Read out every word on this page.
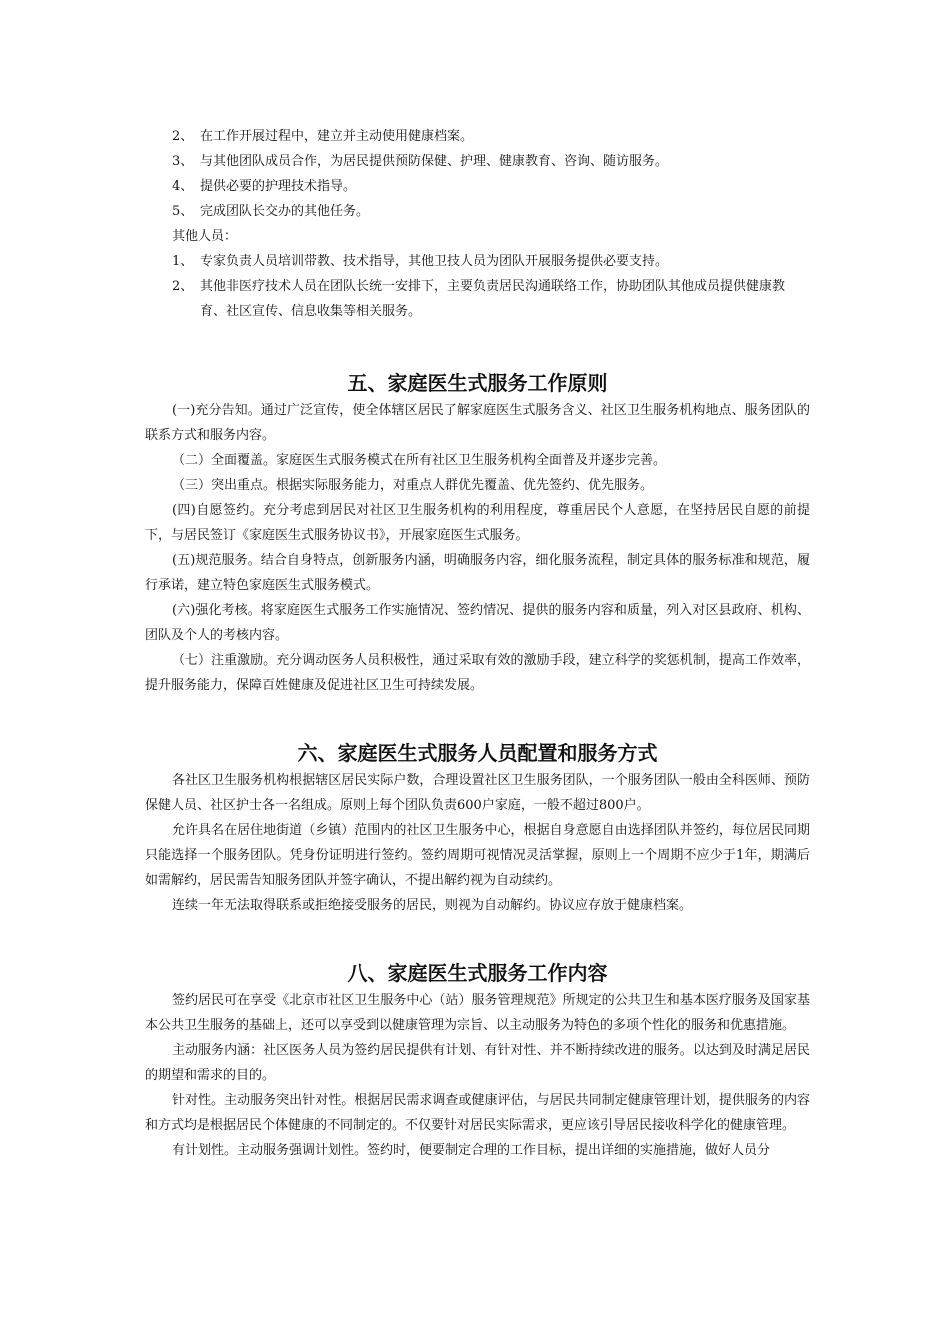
2、 在工作开展过程中，建立并主动使用健康档案。
3、 与其他团队成员合作，为居民提供预防保健、护理、健康教育、咨询、随访服务。
4、 提供必要的护理技术指导。
5、 完成团队长交办的其他任务。
其他人员：
1、 专家负责人员培训带教、技术指导，其他卫技人员为团队开展服务提供必要支持。
2、 其他非医疗技术人员在团队长统一安排下，主要负责居民沟通联络工作，协助团队其他成员提供健康教育、社区宣传、信息收集等相关服务。
五、家庭医生式服务工作原则
(一)充分告知。通过广泛宣传，使全体辖区居民了解家庭医生式服务含义、社区卫生服务机构地点、服务团队的联系方式和服务内容。
（二）全面覆盖。家庭医生式服务模式在所有社区卫生服务机构全面普及并逐步完善。
（三）突出重点。根据实际服务能力，对重点人群优先覆盖、优先签约、优先服务。
(四)自愿签约。充分考虑到居民对社区卫生服务机构的利用程度，尊重居民个人意愿，在坚持居民自愿的前提下，与居民签订《家庭医生式服务协议书》，开展家庭医生式服务。
(五)规范服务。结合自身特点，创新服务内涵，明确服务内容，细化服务流程，制定具体的服务标准和规范，履行承诺，建立特色家庭医生式服务模式。
(六)强化考核。将家庭医生式服务工作实施情况、签约情况、提供的服务内容和质量，列入对区县政府、机构、团队及个人的考核内容。
（七）注重激励。充分调动医务人员积极性，通过采取有效的激励手段，建立科学的奖惩机制，提高工作效率，提升服务能力，保障百姓健康及促进社区卫生可持续发展。
六、家庭医生式服务人员配置和服务方式
各社区卫生服务机构根据辖区居民实际户数，合理设置社区卫生服务团队，一个服务团队一般由全科医师、预防保健人员、社区护士各一名组成。原则上每个团队负责600户家庭，一般不超过800户。
允许具名在居住地街道（乡镇）范围内的社区卫生服务中心，根据自身意愿自由选择团队并签约，每位居民同期只能选择一个服务团队。凭身份证明进行签约。签约周期可视情况灵活掌握，原则上一个周期不应少于1年，期满后如需解约，居民需告知服务团队并签字确认，不提出解约视为自动续约。
连续一年无法取得联系或拒绝接受服务的居民，则视为自动解约。协议应存放于健康档案。
八、家庭医生式服务工作内容
签约居民可在享受《北京市社区卫生服务中心（站）服务管理规范》所规定的公共卫生和基本医疗服务及国家基本公共卫生服务的基础上，还可以享受到以健康管理为宗旨、以主动服务为特色的多项个性化的服务和优惠措施。
主动服务内涵：社区医务人员为签约居民提供有计划、有针对性、并不断持续改进的服务。以达到及时满足居民的期望和需求的目的。
针对性。主动服务突出针对性。根据居民需求调查或健康评估，与居民共同制定健康管理计划，提供服务的内容和方式均是根据居民个体健康的不同制定的。不仅要针对居民实际需求，更应该引导居民接收科学化的健康管理。
有计划性。主动服务强调计划性。签约时，便要制定合理的工作目标，提出详细的实施措施，做好人员分
